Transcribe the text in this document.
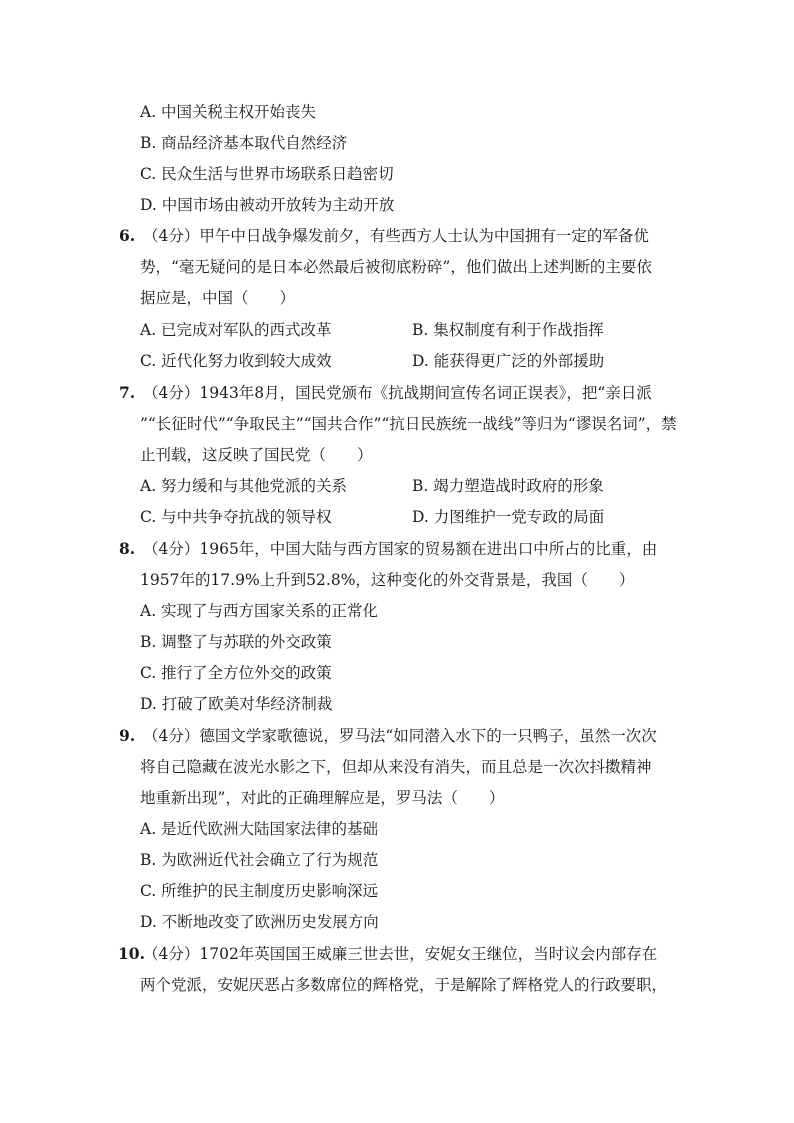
A. 中国关税主权开始丧失
B. 商品经济基本取代自然经济
C. 民众生活与世界市场联系日趋密切
D. 中国市场由被动开放转为主动开放
6. （4分）甲午中日战争爆发前夕，有些西方人士认为中国拥有一定的军备优
势，“毫无疑问的是日本必然最后被彻底粉碎”，他们做出上述判断的主要依
据应是，中国（　　）
A. 已完成对军队的西式改革	B. 集权制度有利于作战指挥
C. 近代化努力收到较大成效	D. 能获得更广泛的外部援助
7. （4分）1943年8月，国民党颁布《抗战期间宣传名词正误表》，把“亲日派
”“长征时代”“争取民主”“国共合作”“抗日民族统一战线”等归为“谬误名词”，禁
止刊载，这反映了国民党（　　）
A. 努力缓和与其他党派的关系	B. 竭力塑造战时政府的形象
C. 与中共争夺抗战的领导权	D. 力图维护一党专政的局面
8. （4分）1965年，中国大陆与西方国家的贸易额在进出口中所占的比重，由
1957年的17.9%上升到52.8%，这种变化的外交背景是，我国（　　）
A. 实现了与西方国家关系的正常化
B. 调整了与苏联的外交政策
C. 推行了全方位外交的政策
D. 打破了欧美对华经济制裁
9. （4分）德国文学家歌德说，罗马法“如同潜入水下的一只鸭子，虽然一次次
将自己隐藏在波光水影之下，但却从来没有消失，而且总是一次次抖擞精神
地重新出现”，对此的正确理解应是，罗马法（　　）
A. 是近代欧洲大陆国家法律的基础
B. 为欧洲近代社会确立了行为规范
C. 所维护的民主制度历史影响深远
D. 不断地改变了欧洲历史发展方向
10.
（4分）1702年英国国王威廉三世去世，安妮女王继位，当时议会内部存在
两个党派，安妮厌恶占多数席位的辉格党，于是解除了辉格党人的行政要职，
